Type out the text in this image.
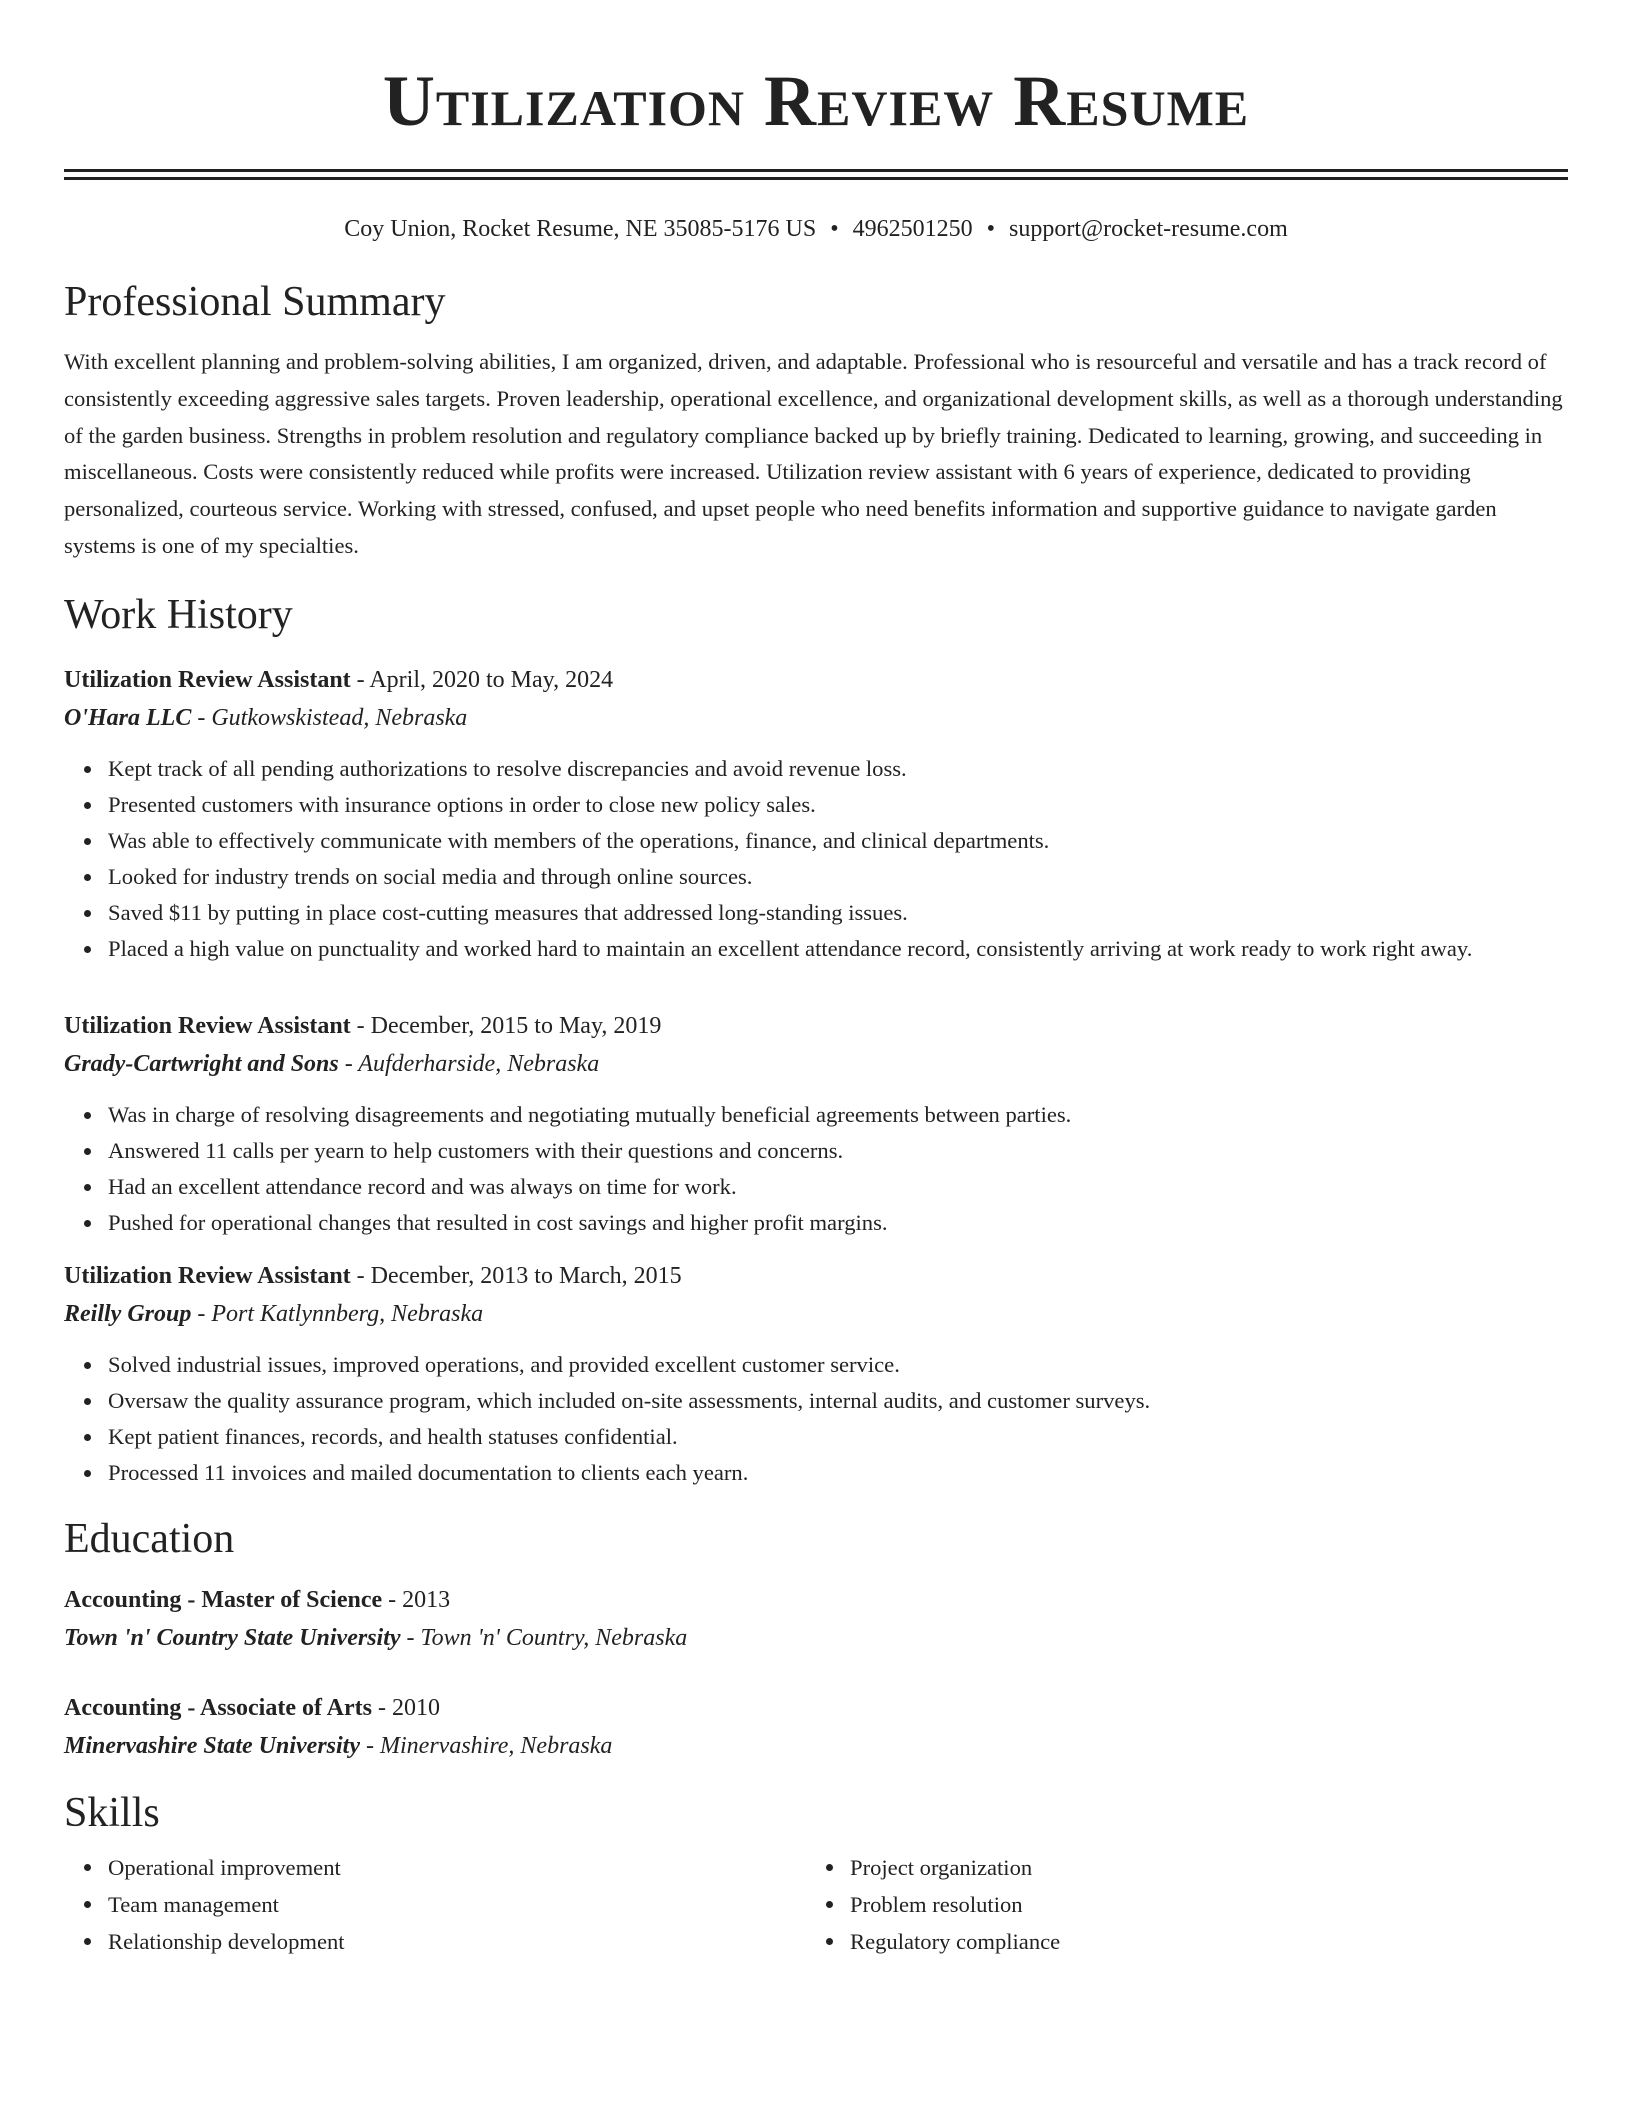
Utilization Review Resume
Coy Union, Rocket Resume, NE 35085-5176 US • 4962501250 • support@rocket-resume.com
Professional Summary

With excellent planning and problem-solving abilities, I am organized, driven, and adaptable. Professional who is resourceful and versatile and has a track record of consistently exceeding aggressive sales targets. Proven leadership, operational excellence, and organizational development skills, as well as a thorough understanding of the garden business. Strengths in problem resolution and regulatory compliance backed up by briefly training. Dedicated to learning, growing, and succeeding in miscellaneous. Costs were consistently reduced while profits were increased. Utilization review assistant with 6 years of experience, dedicated to providing personalized, courteous service. Working with stressed, confused, and upset people who need benefits information and supportive guidance to navigate garden systems is one of my specialties.

Work History
Utilization Review Assistant - April, 2020 to May, 2024
O'Hara LLC - Gutkowskistead, Nebraska
Kept track of all pending authorizations to resolve discrepancies and avoid revenue loss.
Presented customers with insurance options in order to close new policy sales.
Was able to effectively communicate with members of the operations, finance, and clinical departments.
Looked for industry trends on social media and through online sources.
Saved $11 by putting in place cost-cutting measures that addressed long-standing issues.
Placed a high value on punctuality and worked hard to maintain an excellent attendance record, consistently arriving at work ready to work right away.
Utilization Review Assistant - December, 2015 to May, 2019
Grady-Cartwright and Sons - Aufderharside, Nebraska
Was in charge of resolving disagreements and negotiating mutually beneficial agreements between parties.
Answered 11 calls per yearn to help customers with their questions and concerns.
Had an excellent attendance record and was always on time for work.
Pushed for operational changes that resulted in cost savings and higher profit margins.
Utilization Review Assistant - December, 2013 to March, 2015
Reilly Group - Port Katlynnberg, Nebraska
Solved industrial issues, improved operations, and provided excellent customer service.
Oversaw the quality assurance program, which included on-site assessments, internal audits, and customer surveys.
Kept patient finances, records, and health statuses confidential.
Processed 11 invoices and mailed documentation to clients each yearn.
Education
Accounting - Master of Science - 2013
Town 'n' Country State University - Town 'n' Country, Nebraska
Accounting - Associate of Arts - 2010
Minervashire State University - Minervashire, Nebraska
Skills
Operational improvement
Team management
Relationship development
Project organization
Problem resolution
Regulatory compliance
